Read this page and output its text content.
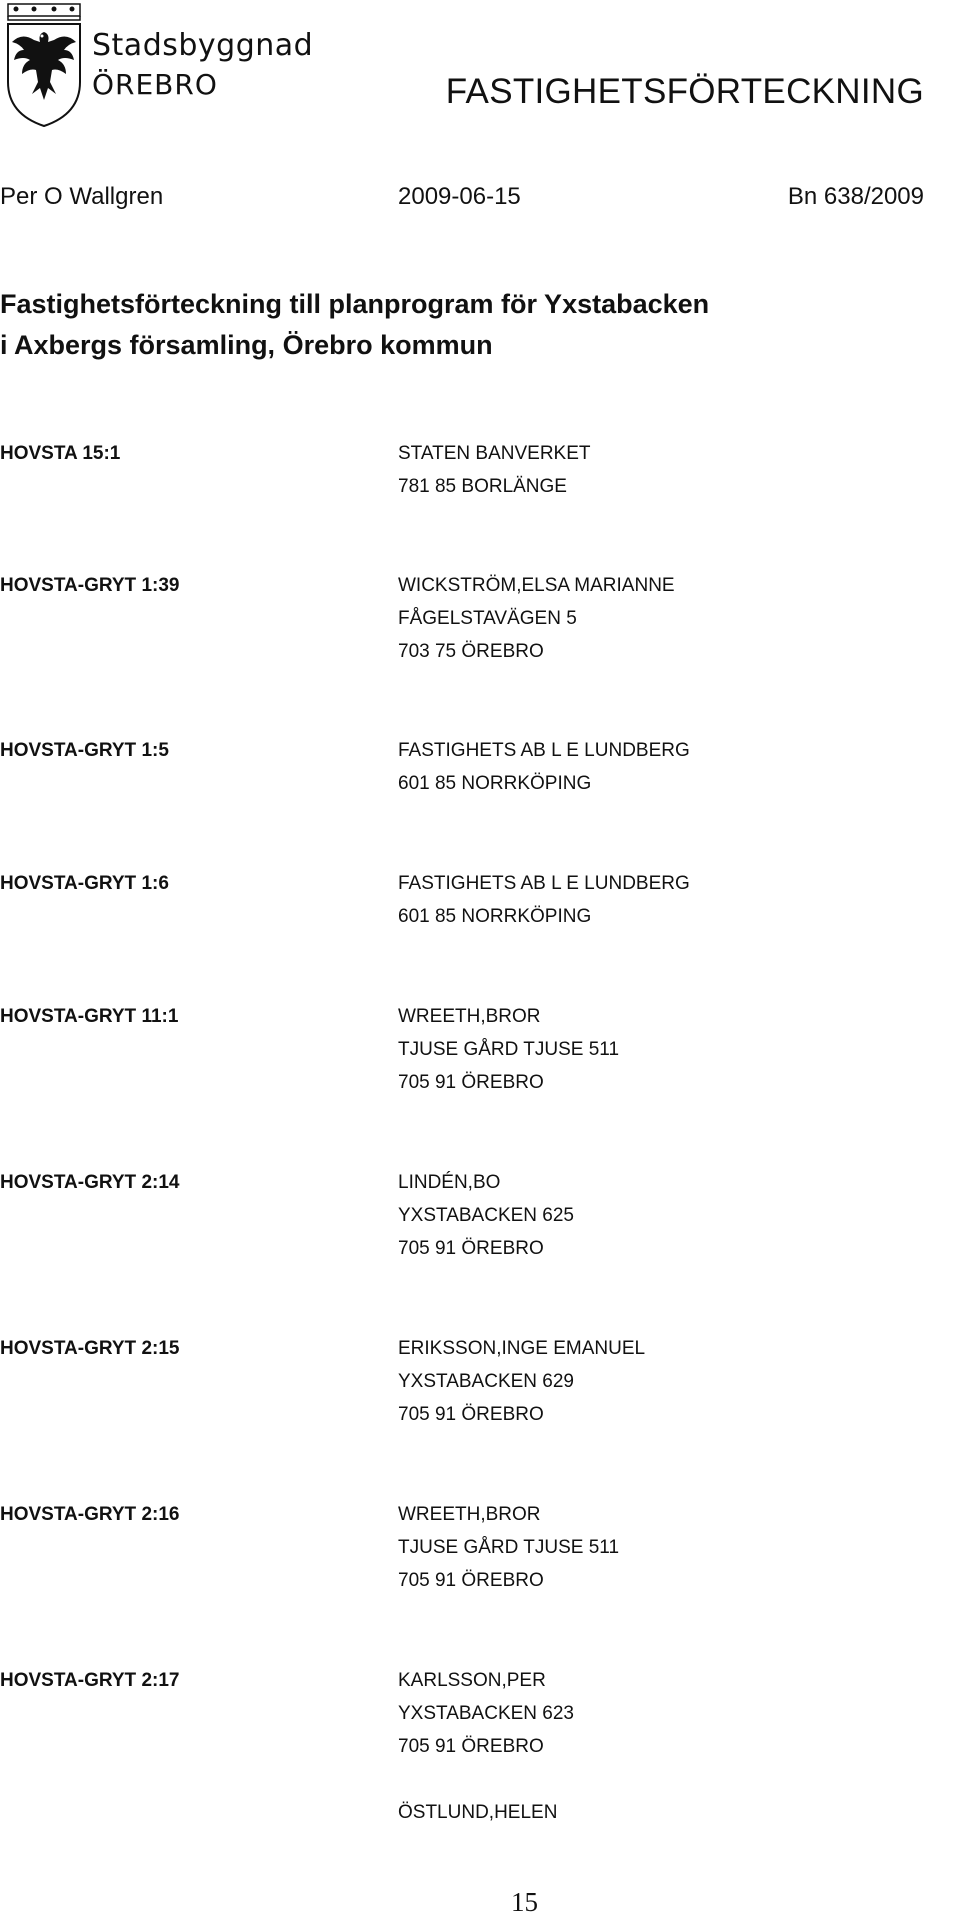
Stadsbyggnad
ÖREBRO	FASTIGHETSFÖRTECKNING
Per O Wallgren	2009-06-15	Bn 638/2009
Fastighetsförteckning till planprogram för Yxstabacken
i Axbergs församling, Örebro kommun
HOVSTA 15:1	STATEN BANVERKET
781 85 BORLÄNGE
HOVSTA-GRYT 1:39	WICKSTRÖM,ELSA MARIANNE
FÅGELSTAVÄGEN 5
703 75 ÖREBRO
HOVSTA-GRYT 1:5	FASTIGHETS AB L E LUNDBERG
601 85 NORRKÖPING
HOVSTA-GRYT 1:6	FASTIGHETS AB L E LUNDBERG
601 85 NORRKÖPING
HOVSTA-GRYT 11:1	WREETH,BROR
TJUSE GÅRD TJUSE 511
705 91 ÖREBRO
HOVSTA-GRYT 2:14	LINDÉN,BO
YXSTABACKEN 625
705 91 ÖREBRO
HOVSTA-GRYT 2:15	ERIKSSON,INGE EMANUEL
YXSTABACKEN 629
705 91 ÖREBRO
HOVSTA-GRYT 2:16	WREETH,BROR
TJUSE GÅRD TJUSE 511
705 91 ÖREBRO
HOVSTA-GRYT 2:17	KARLSSON,PER
YXSTABACKEN 623
705 91 ÖREBRO
ÖSTLUND,HELEN
15
